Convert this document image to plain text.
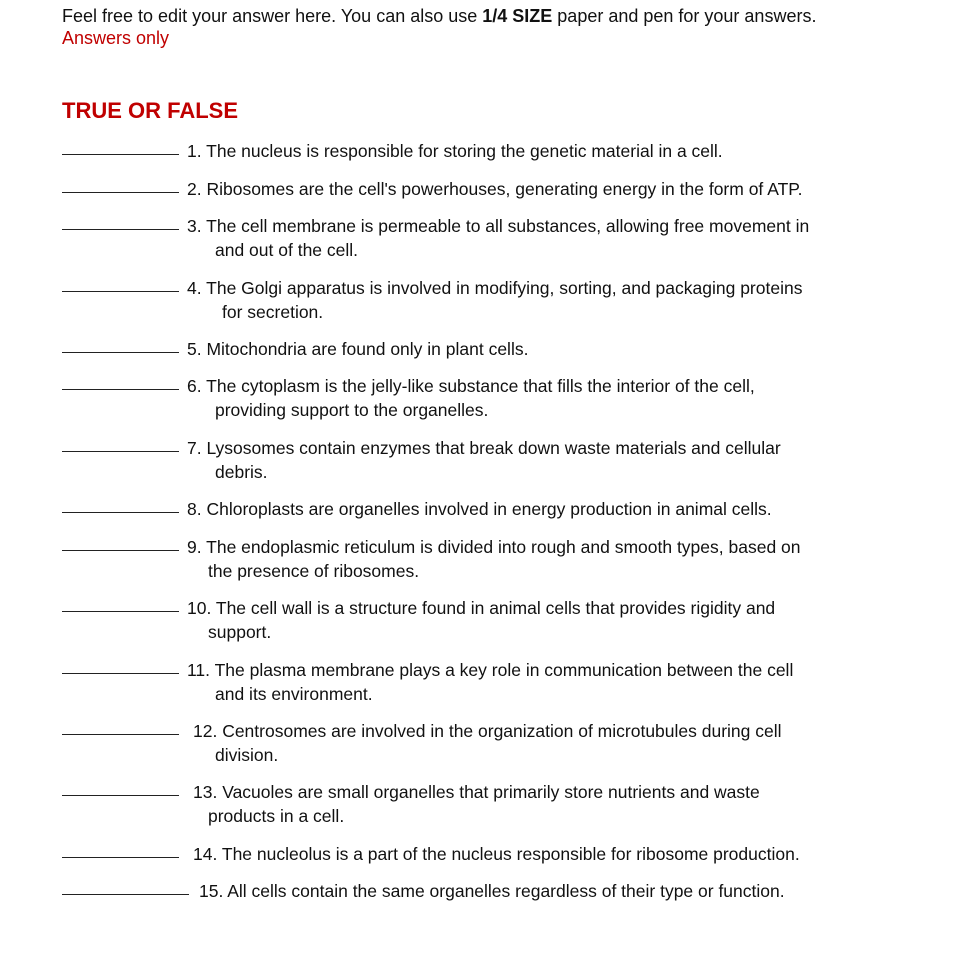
Feel free to edit your answer here. You can also use 1/4 SIZE paper and pen for your answers.
Answers only
TRUE OR FALSE
1. The nucleus is responsible for storing the genetic material in a cell.
2. Ribosomes are the cell's powerhouses, generating energy in the form of ATP.
3. The cell membrane is permeable to all substances, allowing free movement in
and out of the cell.
4. The Golgi apparatus is involved in modifying, sorting, and packaging proteins
for secretion.
5. Mitochondria are found only in plant cells.
6. The cytoplasm is the jelly-like substance that fills the interior of the cell,
providing support to the organelles.
7. Lysosomes contain enzymes that break down waste materials and cellular
debris.
8. Chloroplasts are organelles involved in energy production in animal cells.
9. The endoplasmic reticulum is divided into rough and smooth types, based on
the presence of ribosomes.
10. The cell wall is a structure found in animal cells that provides rigidity and
support.
11. The plasma membrane plays a key role in communication between the cell
and its environment.
12. Centrosomes are involved in the organization of microtubules during cell
division.
13. Vacuoles are small organelles that primarily store nutrients and waste
products in a cell.
14. The nucleolus is a part of the nucleus responsible for ribosome production.
15. All cells contain the same organelles regardless of their type or function.
